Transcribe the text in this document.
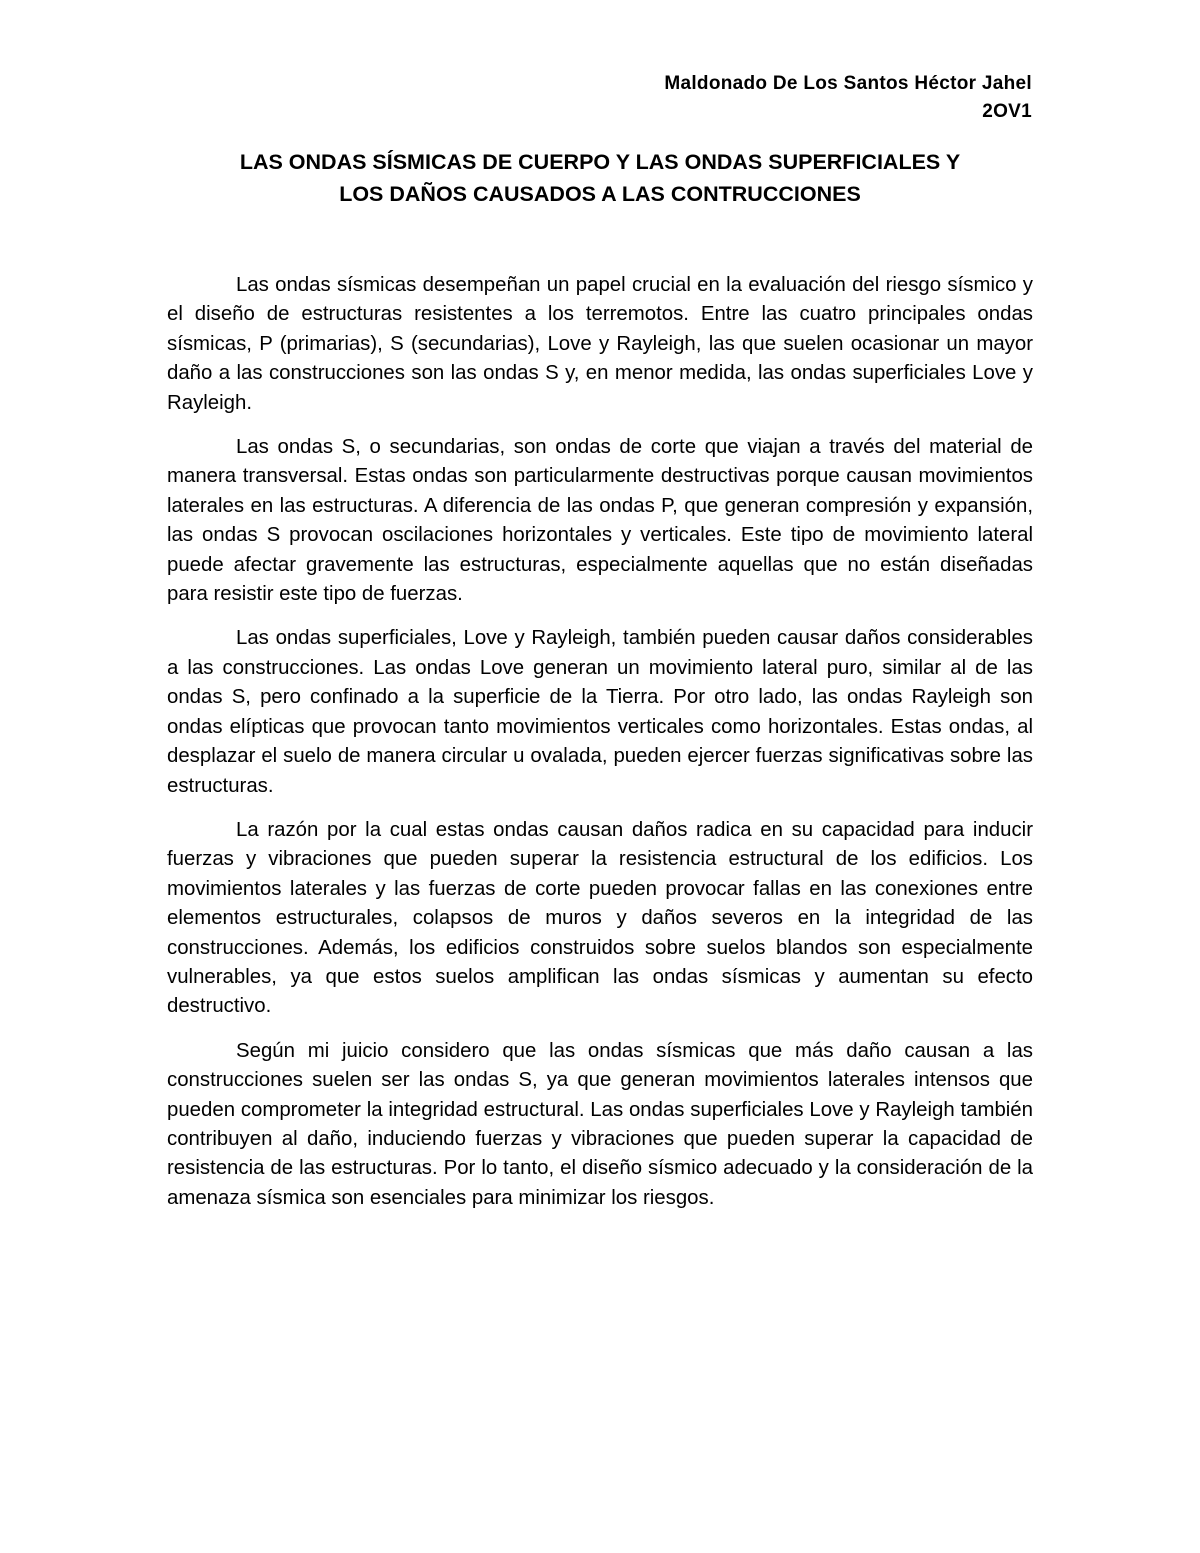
Maldonado De Los Santos Héctor Jahel
2OV1
LAS ONDAS SÍSMICAS DE CUERPO Y LAS ONDAS SUPERFICIALES Y
LOS DAÑOS CAUSADOS A LAS CONTRUCCIONES

Las ondas sísmicas desempeñan un papel crucial en la evaluación del riesgo sísmico y el diseño de estructuras resistentes a los terremotos. Entre las cuatro principales ondas sísmicas, P (primarias), S (secundarias), Love y Rayleigh, las que suelen ocasionar un mayor daño a las construcciones son las ondas S y, en menor medida, las ondas superficiales Love y Rayleigh.

Las ondas S, o secundarias, son ondas de corte que viajan a través del material de manera transversal. Estas ondas son particularmente destructivas porque causan movimientos laterales en las estructuras. A diferencia de las ondas P, que generan compresión y expansión, las ondas S provocan oscilaciones horizontales y verticales. Este tipo de movimiento lateral puede afectar gravemente las estructuras, especialmente aquellas que no están diseñadas para resistir este tipo de fuerzas.

Las ondas superficiales, Love y Rayleigh, también pueden causar daños considerables a las construcciones. Las ondas Love generan un movimiento lateral puro, similar al de las ondas S, pero confinado a la superficie de la Tierra. Por otro lado, las ondas Rayleigh son ondas elípticas que provocan tanto movimientos verticales como horizontales. Estas ondas, al desplazar el suelo de manera circular u ovalada, pueden ejercer fuerzas significativas sobre las estructuras.

La razón por la cual estas ondas causan daños radica en su capacidad para inducir fuerzas y vibraciones que pueden superar la resistencia estructural de los edificios. Los movimientos laterales y las fuerzas de corte pueden provocar fallas en las conexiones entre elementos estructurales, colapsos de muros y daños severos en la integridad de las construcciones. Además, los edificios construidos sobre suelos blandos son especialmente vulnerables, ya que estos suelos amplifican las ondas sísmicas y aumentan su efecto destructivo.

Según mi juicio considero que las ondas sísmicas que más daño causan a las construcciones suelen ser las ondas S, ya que generan movimientos laterales intensos que pueden comprometer la integridad estructural. Las ondas superficiales Love y Rayleigh también contribuyen al daño, induciendo fuerzas y vibraciones que pueden superar la capacidad de resistencia de las estructuras. Por lo tanto, el diseño sísmico adecuado y la consideración de la amenaza sísmica son esenciales para minimizar los riesgos.
